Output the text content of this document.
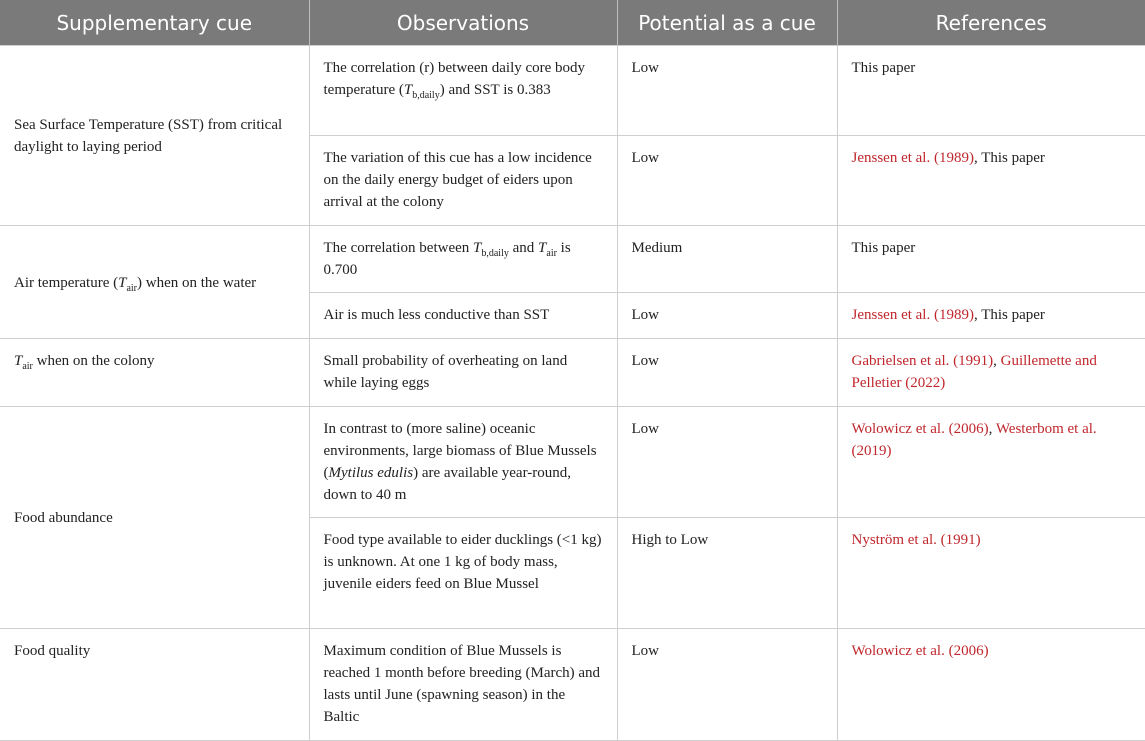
Supplementary cue	Observations	Potential as a cue	References
Sea Surface Temperature (SST) from critical daylight to laying period	The correlation (r) between daily core body temperature $(T_{b,daily})$ and SST is 0.383	Low	This paper
	The variation of this cue has a low incidence on the daily energy budget of eiders upon arrival at the colony	Low	Jenssen et al. (1989), This paper
Air temperature $(T_{air})$ when on the water	The correlation between $T_{b,daily}$ and $T_{air}$ is 0.700	Medium	This paper
	Air is much less conductive than SST	Low	Jenssen et al. (1989), This paper
$T_{air}$ when on the colony	Small probability of overheating on land while laying eggs	Low	Gabrielsen et al. (1991), Guillemette and Pelletier (2022)
Food abundance	In contrast to (more saline) oceanic environments, large biomass of Blue Mussels (Mytilus edulis) are available year-round, down to 40 m	Low	Wolowicz et al. (2006), Westerbom et al. (2019)
	Food type available to eider ducklings (<1 kg) is unknown. At one 1 kg of body mass, juvenile eiders feed on Blue Mussel	High to Low	Nyström et al. (1991)
Food quality	Maximum condition of Blue Mussels is reached 1 month before breeding (March) and lasts until June (spawning season) in the Baltic	Low	Wolowicz et al. (2006)
